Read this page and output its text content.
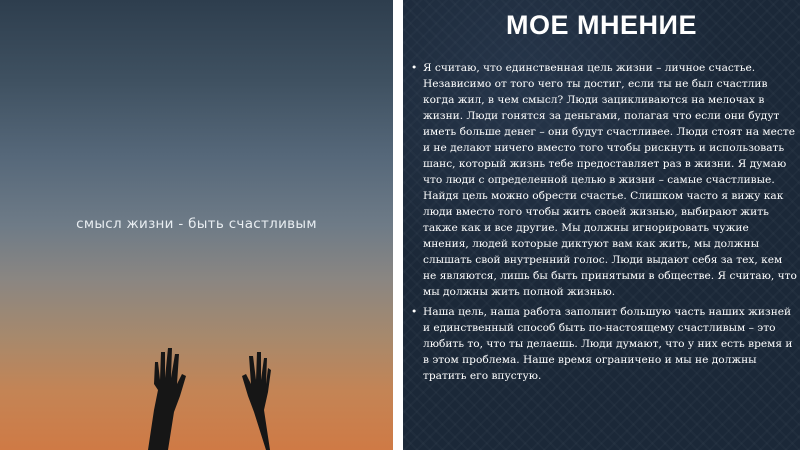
смысл жизни - быть счастливым
МОЕ МНЕНИЕ
• Я считаю, что единственная цель жизни – личное счастье. Независимо от того чего ты достиг, если ты не был счастлив когда жил, в чем смысл? Люди зацикливаются на мелочах в жизни. Люди гонятся за деньгами, полагая что если они будут иметь больше денег – они будут счастливее. Люди стоят на месте и не делают ничего вместо того чтобы рискнуть и использовать шанс, который жизнь тебе предоставляет раз в жизни. Я думаю что люди с определенной целью в жизни – самые счастливые. Найдя цель можно обрести счастье. Слишком часто я вижу как люди вместо того чтобы жить своей жизнью, выбирают жить также как и все другие. Мы должны игнорировать чужие мнения, людей которые диктуют вам как жить, мы должны слышать свой внутренний голос. Люди выдают себя за тех, кем не являются, лишь бы быть принятыми в обществе. Я считаю, что мы должны жить полной жизнью.
• Наша цель, наша работа заполнит большую часть наших жизней и единственный способ быть по-настоящему счастливым – это любить то, что ты делаешь. Люди думают, что у них есть время и в этом проблема. Наше время ограничено и мы не должны тратить его впустую.
